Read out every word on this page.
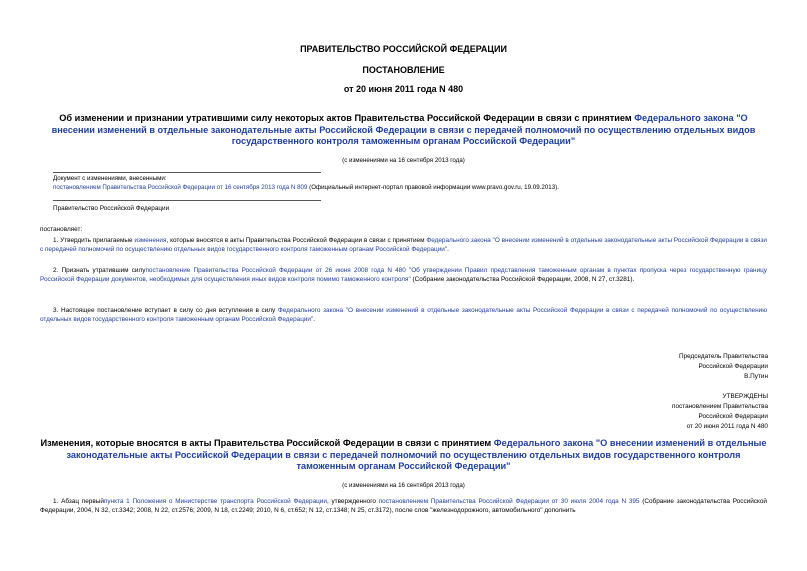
ПРАВИТЕЛЬСТВО РОССИЙСКОЙ ФЕДЕРАЦИИ
ПОСТАНОВЛЕНИЕ
от 20 июня 2011 года N 480
Об изменении и признании утратившими силу некоторых актов Правительства Российской Федерации в связи с принятием Федерального закона "О внесении изменений в отдельные законодательные акты Российской Федерации в связи с передачей полномочий по осуществлению отдельных видов государственного контроля таможенным органам Российской Федерации"
(с изменениями на 16 сентября 2013 года)
Документ с изменениями, внесенными:
постановлением Правительства Российской Федерации от 16 сентября 2013 года N 809 (Официальный интернет-портал правовой информации www.pravo.gov.ru, 19.09.2013).
Правительство Российской Федерации
постановляет:
1. Утвердить прилагаемые изменения, которые вносятся в акты Правительства Российской Федерации в связи с принятием Федерального закона "О внесении изменений в отдельные законодательные акты Российской Федерации в связи с передачей полномочий по осуществлению отдельных видов государственного контроля таможенным органам Российской Федерации".
2. Признать утратившим силупостановление Правительства Российской Федерации от 26 июня 2008 года N 480 "Об утверждении Правил представления таможенным органам в пунктах пропуска через государственную границу Российской Федерации документов, необходимых для осуществления иных видов контроля помимо таможенного контроля" (Собрание законодательства Российской Федерации, 2008, N 27, ст.3281).
3. Настоящее постановление вступает в силу со дня вступления в силу Федерального закона "О внесении изменений в отдельные законодательные акты Российской Федерации в связи с передачей полномочий по осуществлению отдельных видов государственного контроля таможенным органам Российской Федерации".
Председатель Правительства
Российской Федерации
В.Путин
УТВЕРЖДЕНЫ
постановлением Правительства
Российской Федерации
от 20 июня 2011 года N 480
Изменения, которые вносятся в акты Правительства Российской Федерации в связи с принятием Федерального закона "О внесении изменений в отдельные законодательные акты Российской Федерации в связи с передачей полномочий по осуществлению отдельных видов государственного контроля таможенным органам Российской Федерации"
(с изменениями на 16 сентября 2013 года)
1. Абзац первыйпункта 1 Положения о Министерстве транспорта Российской Федерации, утвержденного постановлением Правительства Российской Федерации от 30 июля 2004 года N 395 (Собрание законодательства Российской Федерации, 2004, N 32, ст.3342; 2008, N 22, ст.2576; 2009, N 18, ст.2249; 2010, N 6, ст.652; N 12, ст.1348; N 25, ст.3172), после слов "железнодорожного, автомобильного" дополнить
